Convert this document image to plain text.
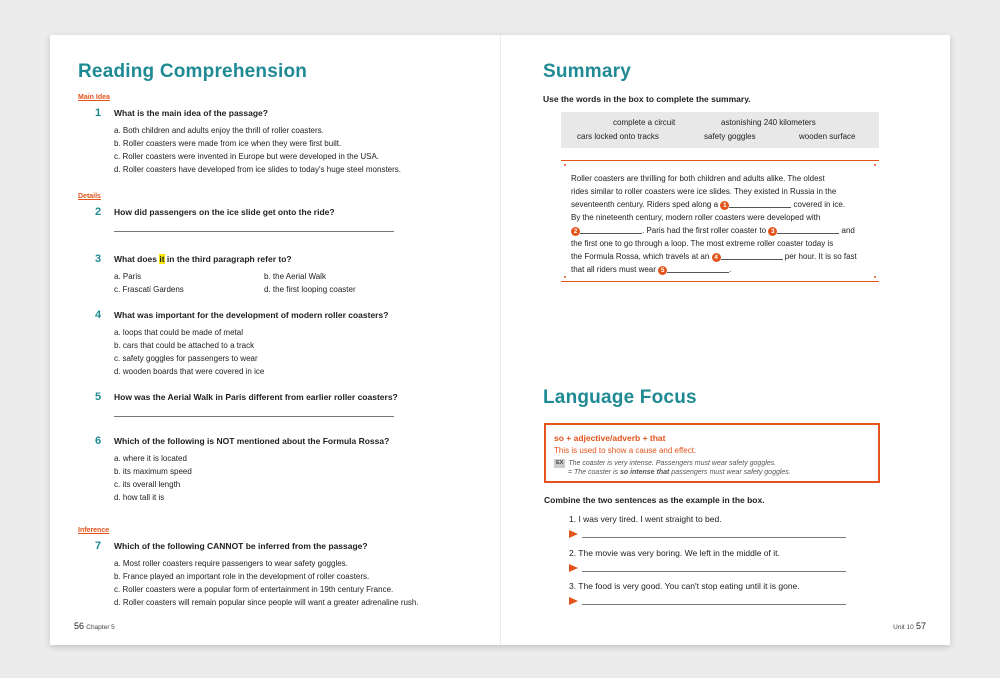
Reading Comprehension
Main Idea
1 What is the main idea of the passage?
a. Both children and adults enjoy the thrill of roller coasters.
b. Roller coasters were made from ice when they were first built.
c. Roller coasters were invented in Europe but were developed in the USA.
d. Roller coasters have developed from ice slides to today's huge steel monsters.
Details
2 How did passengers on the ice slide get onto the ride?
3 What does it in the third paragraph refer to?
a. Paris	b. the Aerial Walk
c. Frascati Gardens	d. the first looping coaster
4 What was important for the development of modern roller coasters?
a. loops that could be made of metal
b. cars that could be attached to a track
c. safety goggles for passengers to wear
d. wooden boards that were covered in ice
5 How was the Aerial Walk in Paris different from earlier roller coasters?
6 Which of the following is NOT mentioned about the Formula Rossa?
a. where it is located
b. its maximum speed
c. its overall length
d. how tall it is
Inference
7 Which of the following CANNOT be inferred from the passage?
a. Most roller coasters require passengers to wear safety goggles.
b. France played an important role in the development of roller coasters.
c. Roller coasters were a popular form of entertainment in 19th century France.
d. Roller coasters will remain popular since people will want a greater adrenaline rush.
56 Chapter 5
Summary
Use the words in the box to complete the summary.
complete a circuit	astonishing 240 kilometers
cars locked onto tracks	safety goggles	wooden surface
Roller coasters are thrilling for both children and adults alike. The oldest
rides similar to roller coasters were ice slides. They existed in Russia in the
seventeenth century. Riders sped along a 1	covered in ice.
By the nineteenth century, modern roller coasters were developed with
2	. Paris had the first roller coaster to 3	and
the first one to go through a loop. The most extreme roller coaster today is
the Formula Rossa, which travels at an 4	per hour. It is so fast
that all riders must wear 5	.
Language Focus
so + adjective/adverb + that
This is used to show a cause and effect.
EX The coaster is very intense. Passengers must wear safety goggles.
= The coaster is so intense that passengers must wear safety goggles.
Combine the two sentences as the example in the box.
1. I was very tired. I went straight to bed.
2. The movie was very boring. We left in the middle of it.
3. The food is very good. You can't stop eating until it is gone.
Unit 10 57
